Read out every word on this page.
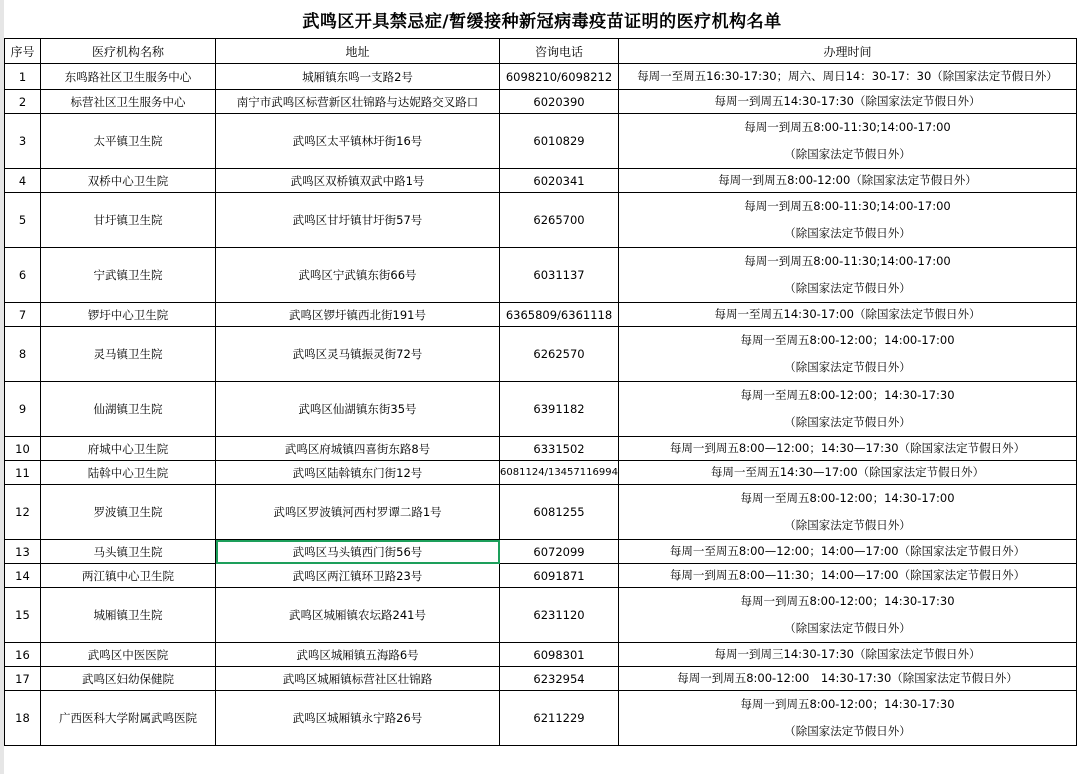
武鸣区开具禁忌症/暂缓接种新冠病毒疫苗证明的医疗机构名单
序号	医疗机构名称	地址	咨询电话	办理时间
1	东鸣路社区卫生服务中心	城厢镇东鸣一支路2号	6098210/6098212	每周一至周五16:30-17:30；周六、周日14：30-17：30（除国家法定节假日外）
2	标营社区卫生服务中心	南宁市武鸣区标营新区壮锦路与达妮路交叉路口	6020390	每周一到周五14:30-17:30（除国家法定节假日外）
3	太平镇卫生院	武鸣区太平镇林圩街16号	6010829	每周一到周五8:00-11:30;14:00-17:00
（除国家法定节假日外）

4	双桥中心卫生院	武鸣区双桥镇双武中路1号	6020341	每周一到周五8:00-12:00（除国家法定节假日外）
5	甘圩镇卫生院	武鸣区甘圩镇甘圩街57号	6265700	每周一到周五8:00-11:30;14:00-17:00
（除国家法定节假日外）

6	宁武镇卫生院	武鸣区宁武镇东街66号	6031137	每周一到周五8:00-11:30;14:00-17:00
（除国家法定节假日外）

7	锣圩中心卫生院	武鸣区锣圩镇西北街191号	6365809/6361118	每周一至周五14:30-17:00（除国家法定节假日外）
8	灵马镇卫生院	武鸣区灵马镇振灵街72号	6262570	每周一至周五8:00-12:00；14:00-17:00
（除国家法定节假日外）

9	仙湖镇卫生院	武鸣区仙湖镇东街35号	6391182	每周一至周五8:00-12:00；14:30-17:30
（除国家法定节假日外）

10	府城中心卫生院	武鸣区府城镇四喜街东路8号	6331502	每周一到周五8:00—12:00；14:30—17:30（除国家法定节假日外）
11	陆斡中心卫生院	武鸣区陆斡镇东门街12号	6081124/13457116994	每周一至周五14:30—17:00（除国家法定节假日外）
12	罗波镇卫生院	武鸣区罗波镇河西村罗谭二路1号	6081255	每周一至周五8:00-12:00；14:30-17:00
（除国家法定节假日外）

13	马头镇卫生院	武鸣区马头镇西门街56号	6072099	每周一至周五8:00—12:00；14:00—17:00（除国家法定节假日外）
14	两江镇中心卫生院	武鸣区两江镇环卫路23号	6091871	每周一到周五8:00—11:30；14:00—17:00（除国家法定节假日外）
15	城厢镇卫生院	武鸣区城厢镇农坛路241号	6231120	每周一到周五8:00-12:00；14:30-17:30
（除国家法定节假日外）

16	武鸣区中医医院	武鸣区城厢镇五海路6号	6098301	每周一到周三14:30-17:30（除国家法定节假日外）
17	武鸣区妇幼保健院	武鸣区城厢镇标营社区壮锦路	6232954	每周一到周五8:00-12:00　14:30-17:30（除国家法定节假日外）
18	广西医科大学附属武鸣医院	武鸣区城厢镇永宁路26号	6211229	每周一到周五8:00-12:00；14:30-17:30
（除国家法定节假日外）
